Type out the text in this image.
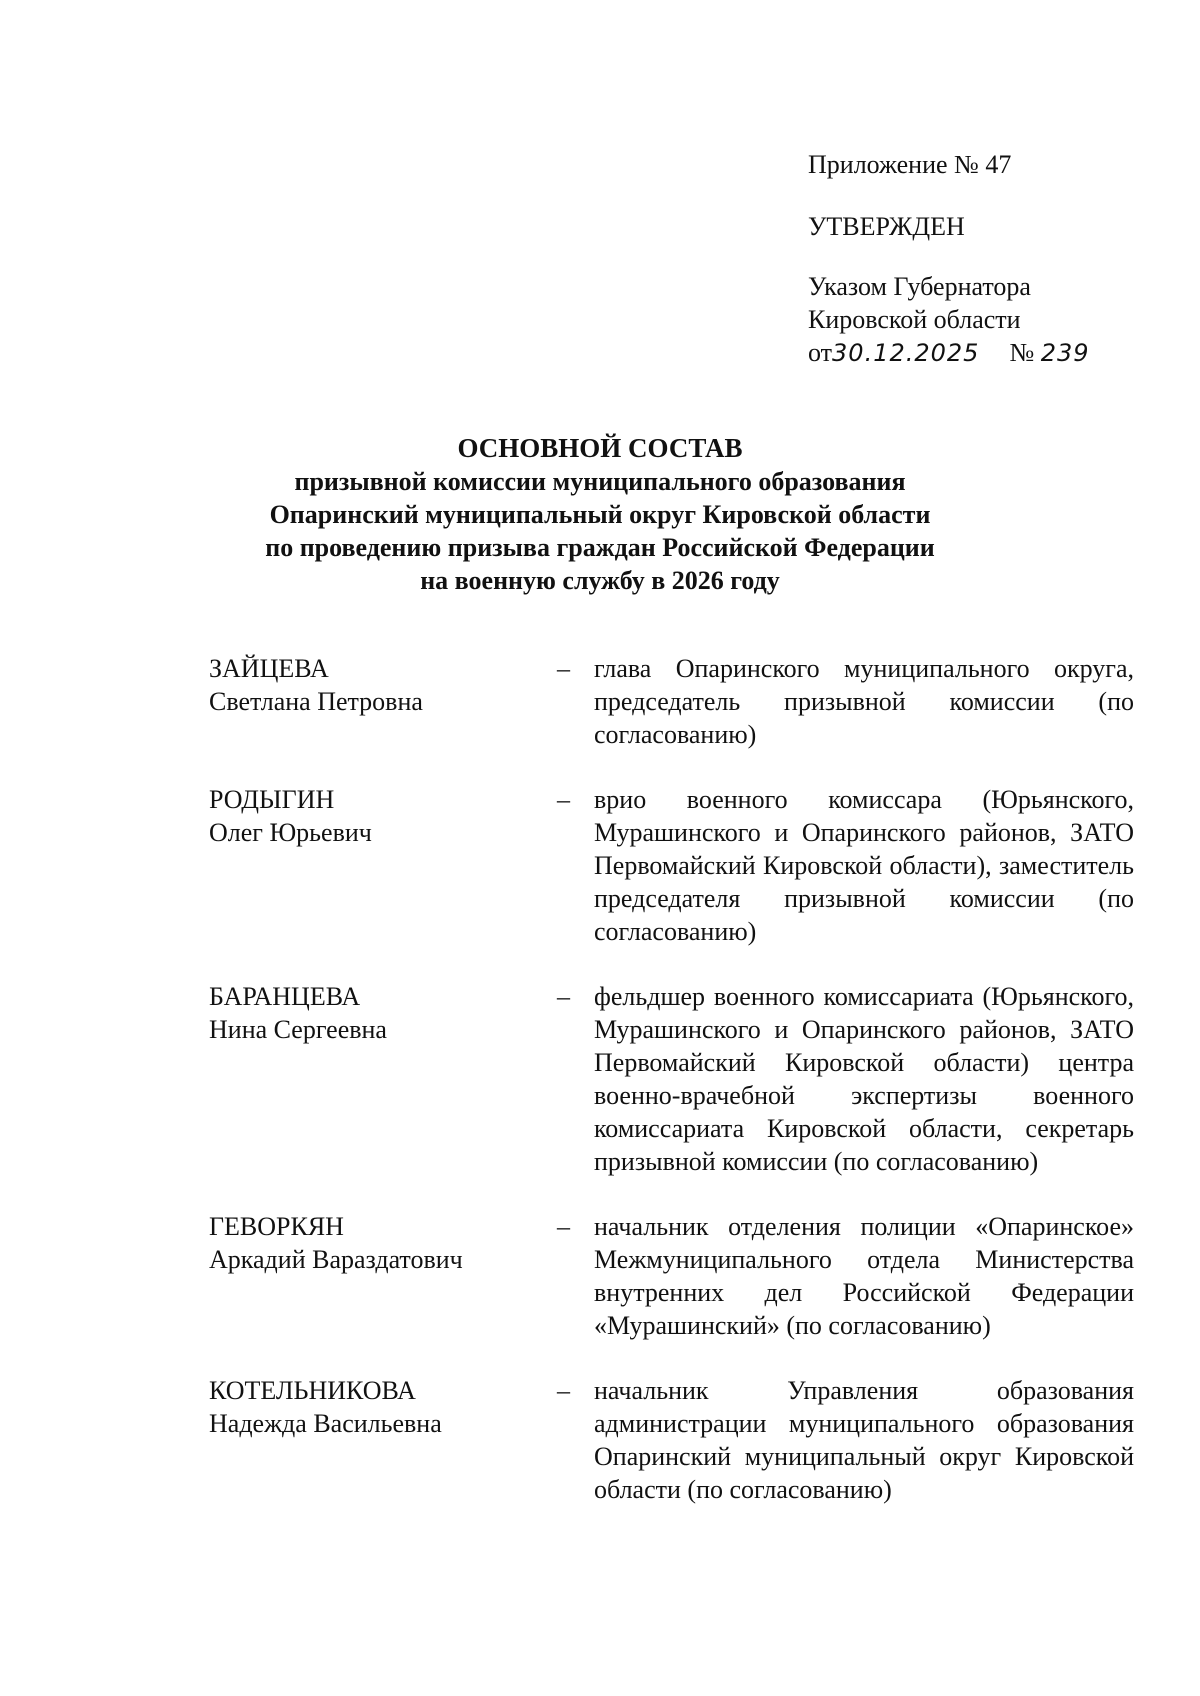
Приложение № 47
УТВЕРЖДЕН
Указом Губернатора
Кировской области
от30.12.2025 № 239
ОСНОВНОЙ СОСТАВ
призывной комиссии муниципального образования
Опаринский муниципальный округ Кировской области
по проведению призыва граждан Российской Федерации
на военную службу в 2026 году
ЗАЙЦЕВА
Светлана Петровна
– глава Опаринского муниципального округа, председатель призывной комиссии (по согласованию)
РОДЫГИН
Олег Юрьевич
– врио военного комиссара (Юрьянского, Мурашинского и Опаринского районов, ЗАТО Первомайский Кировской области), заместитель председателя призывной комиссии (по согласованию)
БАРАНЦЕВА
Нина Сергеевна
– фельдшер военного комиссариата (Юрьянского, Мурашинского и Опаринского районов, ЗАТО Первомайский Кировской области) центра военно-врачебной экспертизы военного комиссариата Кировской области, секретарь призывной комиссии (по согласованию)
ГЕВОРКЯН
Аркадий Вараздатович
– начальник отделения полиции «Опаринское» Межмуниципального отдела Министерства внутренних дел Российской Федерации «Мурашинский» (по согласованию)
КОТЕЛЬНИКОВА
Надежда Васильевна
– начальник Управления образования администрации муниципального образования Опаринский муниципальный округ Кировской области (по согласованию)
